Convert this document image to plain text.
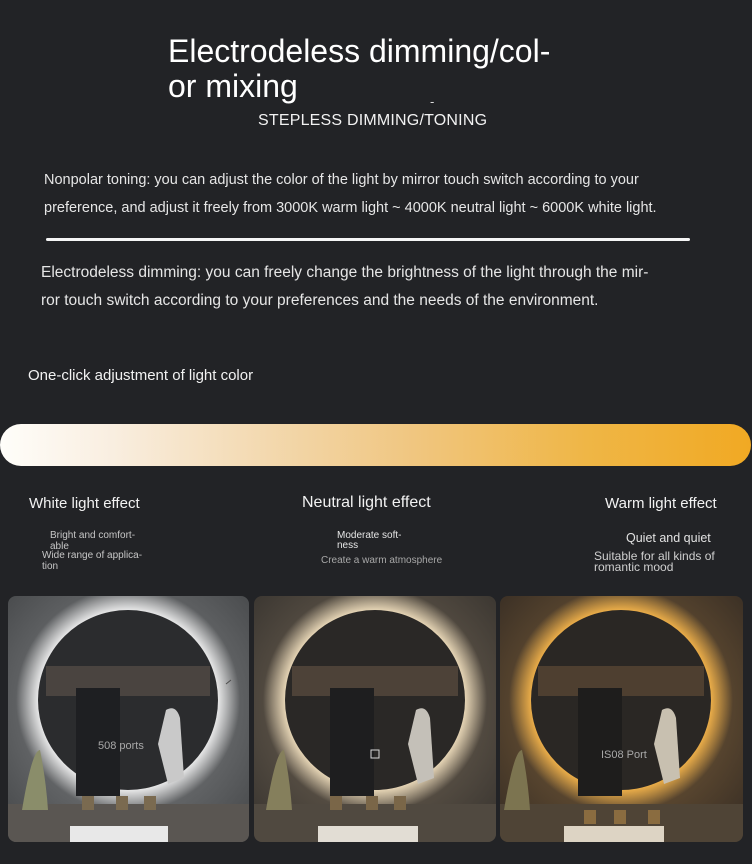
Electrodeless dimming/col-
or mixing	-
STEPLESS DIMMING/TONING
Nonpolar toning: you can adjust the color of the light by mirror touch switch according to your preference, and adjust it freely from 3000K warm light ~ 4000K neutral light ~ 6000K white light.
Electrodeless dimming: you can freely change the brightness of the light through the mir-
ror touch switch according to your preferences and the needs of the environment.
One-click adjustment of light color
White light effect
Bright and comfort-
able
Wide range of applica-
tion
Neutral light effect
Moderate soft-
ness
Create a warm atmosphere
Warm light effect
Quiet and quiet
Suitable for all kinds of
romantic mood
508 ports
IS08 Port
